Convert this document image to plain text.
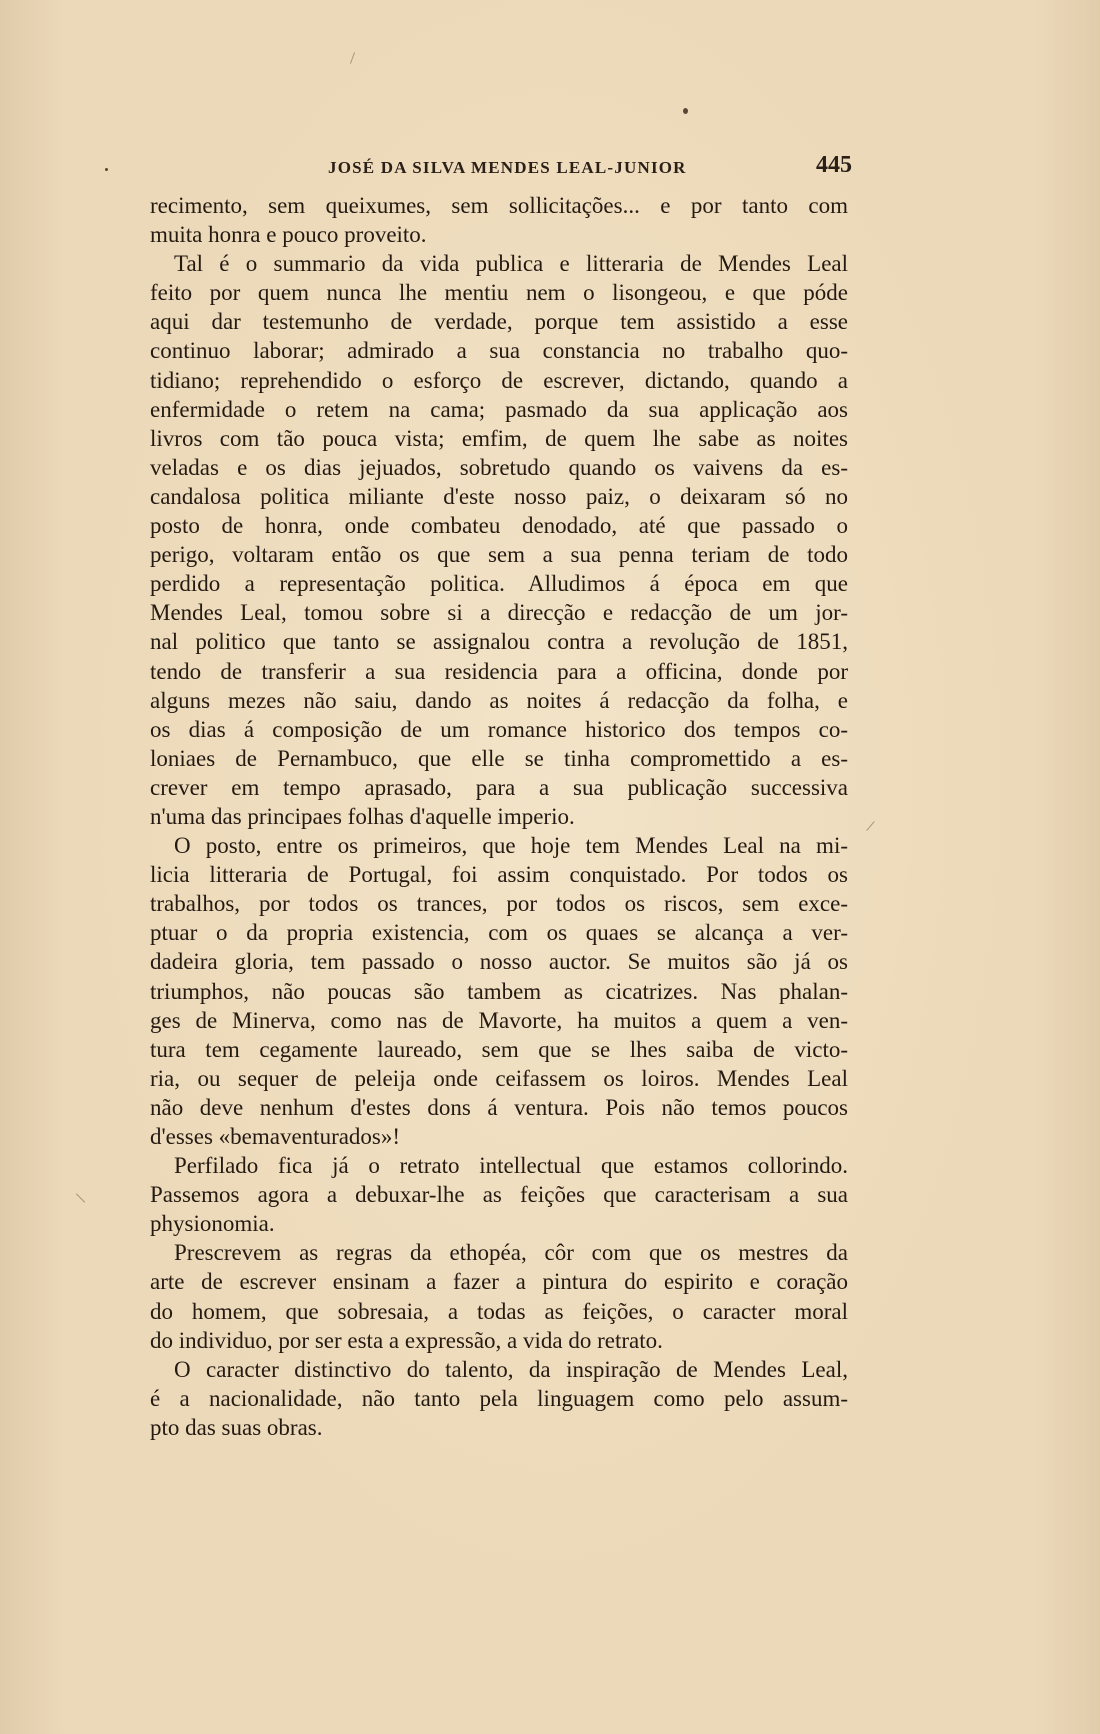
JOSÉ DA SILVA MENDES LEAL-JUNIOR	445
recimento, sem queixumes, sem sollicitações... e por tanto com
muita honra e pouco proveito.
Tal é o summario da vida publica e litteraria de Mendes Leal
feito por quem nunca lhe mentiu nem o lisongeou, e que póde
aqui dar testemunho de verdade, porque tem assistido a esse
continuo laborar; admirado a sua constancia no trabalho quo-
tidiano; reprehendido o esforço de escrever, dictando, quando a
enfermidade o retem na cama; pasmado da sua applicação aos
livros com tão pouca vista; emfim, de quem lhe sabe as noites
veladas e os dias jejuados, sobretudo quando os vaivens da es-
candalosa politica miliante d'este nosso paiz, o deixaram só no
posto de honra, onde combateu denodado, até que passado o
perigo, voltaram então os que sem a sua penna teriam de todo
perdido a representação politica. Alludimos á época em que
Mendes Leal, tomou sobre si a direcção e redacção de um jor-
nal politico que tanto se assignalou contra a revolução de 1851,
tendo de transferir a sua residencia para a officina, donde por
alguns mezes não saiu, dando as noites á redacção da folha, e
os dias á composição de um romance historico dos tempos co-
loniaes de Pernambuco, que elle se tinha compromettido a es-
crever em tempo aprasado, para a sua publicação successiva
n'uma das principaes folhas d'aquelle imperio.
O posto, entre os primeiros, que hoje tem Mendes Leal na mi-
licia litteraria de Portugal, foi assim conquistado. Por todos os
trabalhos, por todos os trances, por todos os riscos, sem exce-
ptuar o da propria existencia, com os quaes se alcança a ver-
dadeira gloria, tem passado o nosso auctor. Se muitos são já os
triumphos, não poucas são tambem as cicatrizes. Nas phalan-
ges de Minerva, como nas de Mavorte, ha muitos a quem a ven-
tura tem cegamente laureado, sem que se lhes saiba de victo-
ria, ou sequer de peleija onde ceifassem os loiros. Mendes Leal
não deve nenhum d'estes dons á ventura. Pois não temos poucos
d'esses «bemaventurados»!
Perfilado fica já o retrato intellectual que estamos collorindo.
Passemos agora a debuxar-lhe as feições que caracterisam a sua
physionomia.
Prescrevem as regras da ethopéa, côr com que os mestres da
arte de escrever ensinam a fazer a pintura do espirito e coração
do homem, que sobresaia, a todas as feições, o caracter moral
do individuo, por ser esta a expressão, a vida do retrato.
O caracter distinctivo do talento, da inspiração de Mendes Leal,
é a nacionalidade, não tanto pela linguagem como pelo assum-
pto das suas obras.
